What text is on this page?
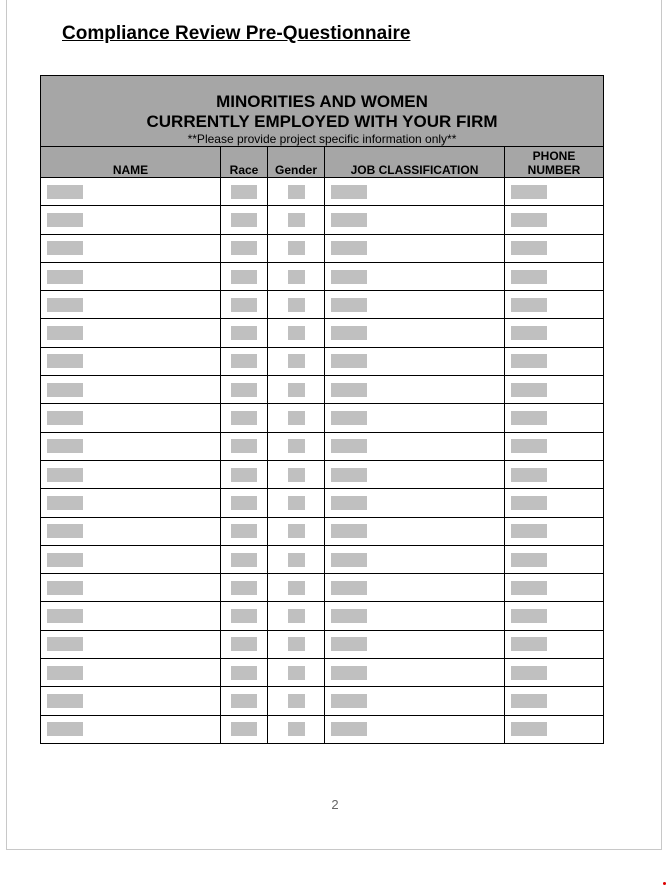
Compliance Review Pre-Questionnaire
MINORITIES AND WOMEN
CURRENTLY EMPLOYED WITH YOUR FIRM
**Please provide project specific information only**				

NAME	Race	Gender	JOB CLASSIFICATION	PHONE
NUMBER

2
